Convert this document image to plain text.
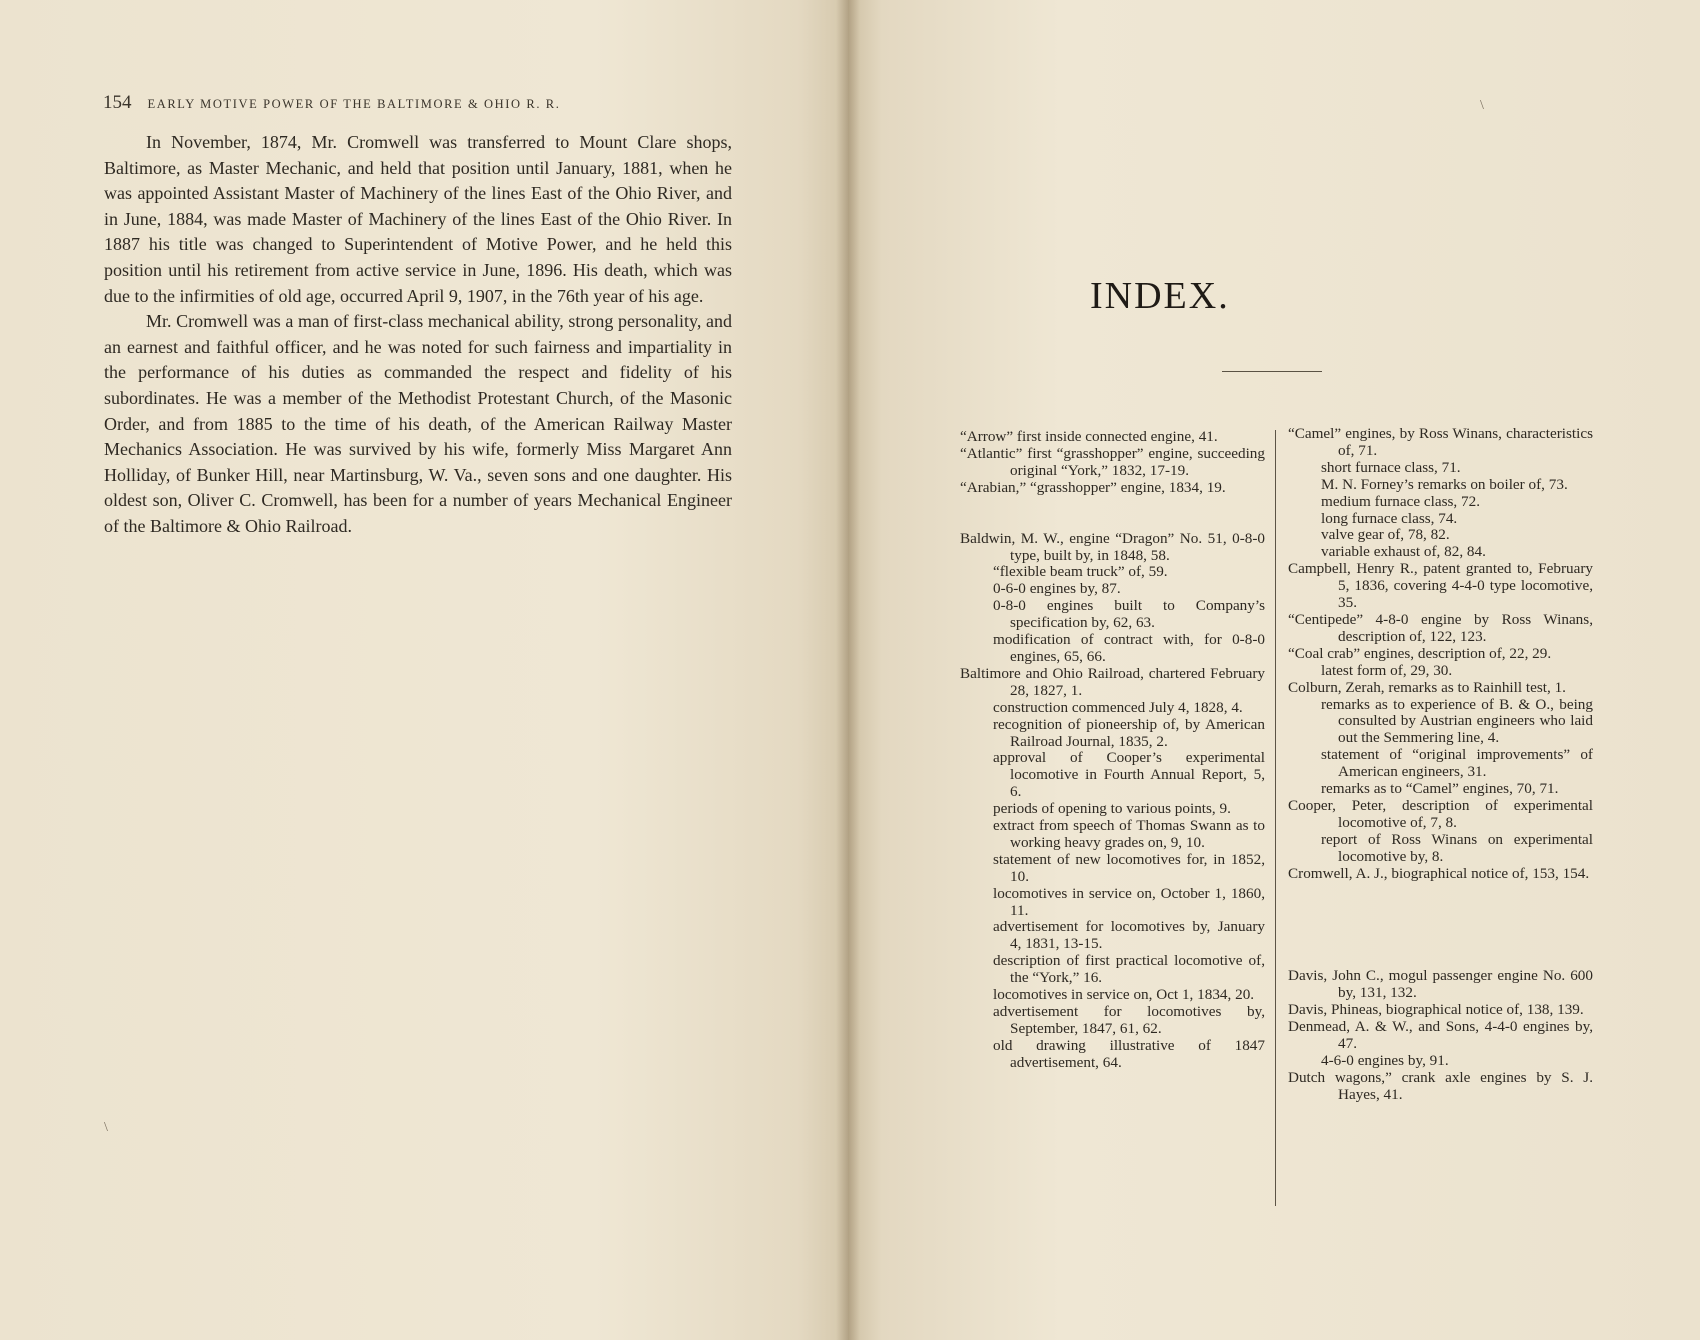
154 EARLY MOTIVE POWER OF THE BALTIMORE & OHIO R. R.

In November, 1874, Mr. Cromwell was transferred to Mount Clare shops, Baltimore, as Master Mechanic, and held that position until January, 1881, when he was appointed Assistant Master of Machinery of the lines East of the Ohio River, and in June, 1884, was made Master of Machinery of the lines East of the Ohio River. In 1887 his title was changed to Superintendent of Motive Power, and he held this position until his retirement from active service in June, 1896. His death, which was due to the infirmities of old age, occurred April 9, 1907, in the 76th year of his age.

Mr. Cromwell was a man of first-class mechanical ability, strong personality, and an earnest and faithful officer, and he was noted for such fairness and impartiality in the performance of his duties as commanded the respect and fidelity of his subordinates. He was a member of the Methodist Protestant Church, of the Masonic Order, and from 1885 to the time of his death, of the American Railway Master Mechanics Association. He was survived by his wife, formerly Miss Margaret Ann Holliday, of Bunker Hill, near Martinsburg, W. Va., seven sons and one daughter. His oldest son, Oliver C. Cromwell, has been for a number of years Mechanical Engineer of the Baltimore & Ohio Railroad.

\
\
INDEX.
“Arrow” first inside connected engine, 41.
“Atlantic” first “grasshopper” engine, succeeding original “York,” 1832, 17-19.
“Arabian,” “grasshopper” engine, 1834, 19.
Baldwin, M. W., engine “Dragon” No. 51, 0-8-0 type, built by, in 1848, 58.
“flexible beam truck” of, 59.
0-6-0 engines by, 87.
0-8-0 engines built to Company’s specification by, 62, 63.
modification of contract with, for 0-8-0 engines, 65, 66.
Baltimore and Ohio Railroad, chartered February 28, 1827, 1.
construction commenced July 4, 1828, 4.
recognition of pioneership of, by American Railroad Journal, 1835, 2.
approval of Cooper’s experimental locomotive in Fourth Annual Report, 5, 6.
periods of opening to various points, 9.
extract from speech of Thomas Swann as to working heavy grades on, 9, 10.
statement of new locomotives for, in 1852, 10.
locomotives in service on, October 1, 1860, 11.
advertisement for locomotives by, January 4, 1831, 13-15.
description of first practical locomotive of, the “York,” 16.
locomotives in service on, Oct 1, 1834, 20.
advertisement for locomotives by, September, 1847, 61, 62.
old drawing illustrative of 1847 advertisement, 64.
“Camel” engines, by Ross Winans, characteristics of, 71.
short furnace class, 71.
M. N. Forney’s remarks on boiler of, 73.
medium furnace class, 72.
long furnace class, 74.
valve gear of, 78, 82.
variable exhaust of, 82, 84.
Campbell, Henry R., patent granted to, February 5, 1836, covering 4-4-0 type locomotive, 35.
“Centipede” 4-8-0 engine by Ross Winans, description of, 122, 123.
“Coal crab” engines, description of, 22, 29.
latest form of, 29, 30.
Colburn, Zerah, remarks as to Rainhill test, 1.
remarks as to experience of B. & O., being consulted by Austrian engineers who laid out the Semmering line, 4.
statement of “original improvements” of American engineers, 31.
remarks as to “Camel” engines, 70, 71.
Cooper, Peter, description of experimental locomotive of, 7, 8.
report of Ross Winans on experimental locomotive by, 8.
Cromwell, A. J., biographical notice of, 153, 154.
Davis, John C., mogul passenger engine No. 600 by, 131, 132.
Davis, Phineas, biographical notice of, 138, 139.
Denmead, A. & W., and Sons, 4-4-0 engines by, 47.
4-6-0 engines by, 91.
Dutch wagons,” crank axle engines by S. J. Hayes, 41.
